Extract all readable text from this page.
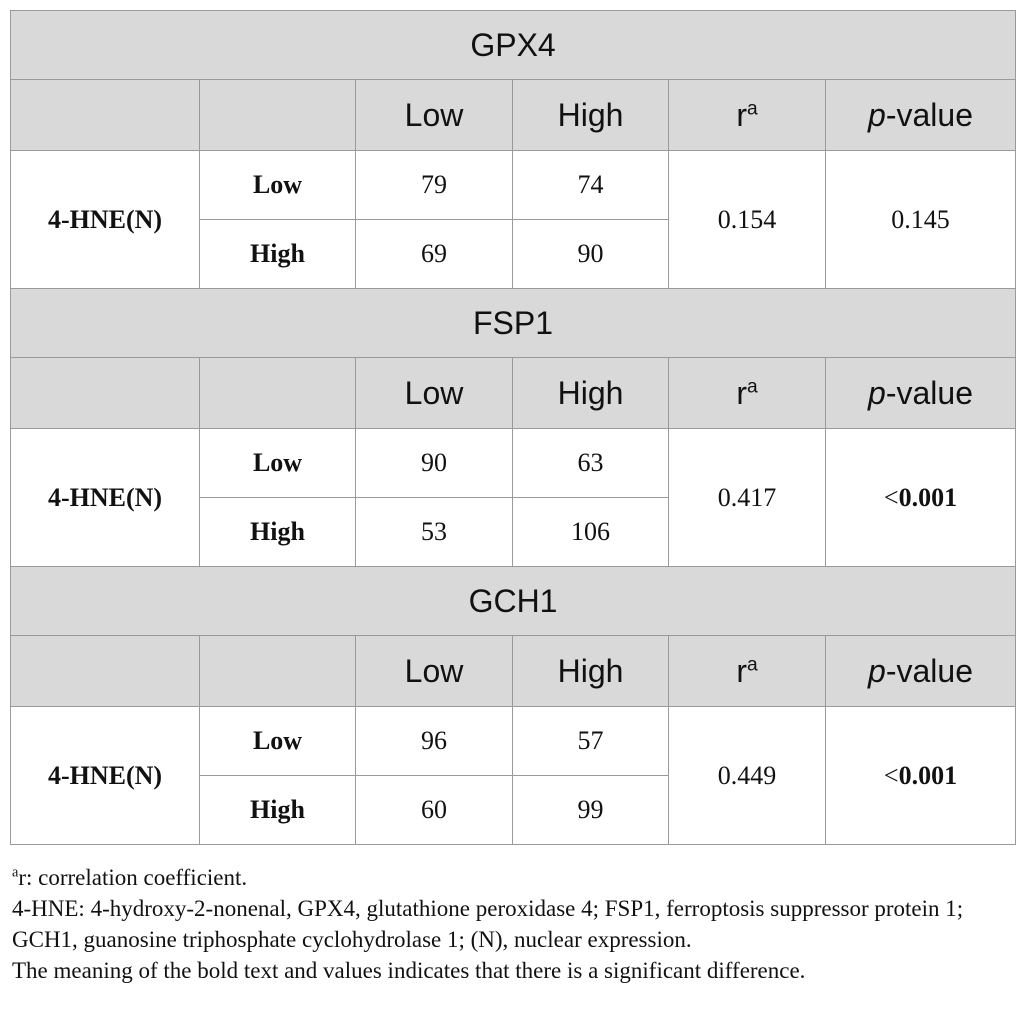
GPX4					
		Low	High	$r^a$	p-value
4-HNE(N)	Low	79	74	0.154	0.145
	High	69	90		
FSP1					
		Low	High	$r^a$	p-value
4-HNE(N)	Low	90	63	0.417	<0.001
	High	53	106		
GCH1					
		Low	High	$r^a$	p-value
4-HNE(N)	Low	96	57	0.449	<0.001
	High	60	99		

$^a$r: correlation coefficient.

4-HNE: 4-hydroxy-2-nonenal, GPX4, glutathione peroxidase 4; FSP1, ferroptosis suppressor protein 1; GCH1, guanosine triphosphate cyclohydrolase 1; (N), nuclear expression.

The meaning of the bold text and values indicates that there is a significant difference.
